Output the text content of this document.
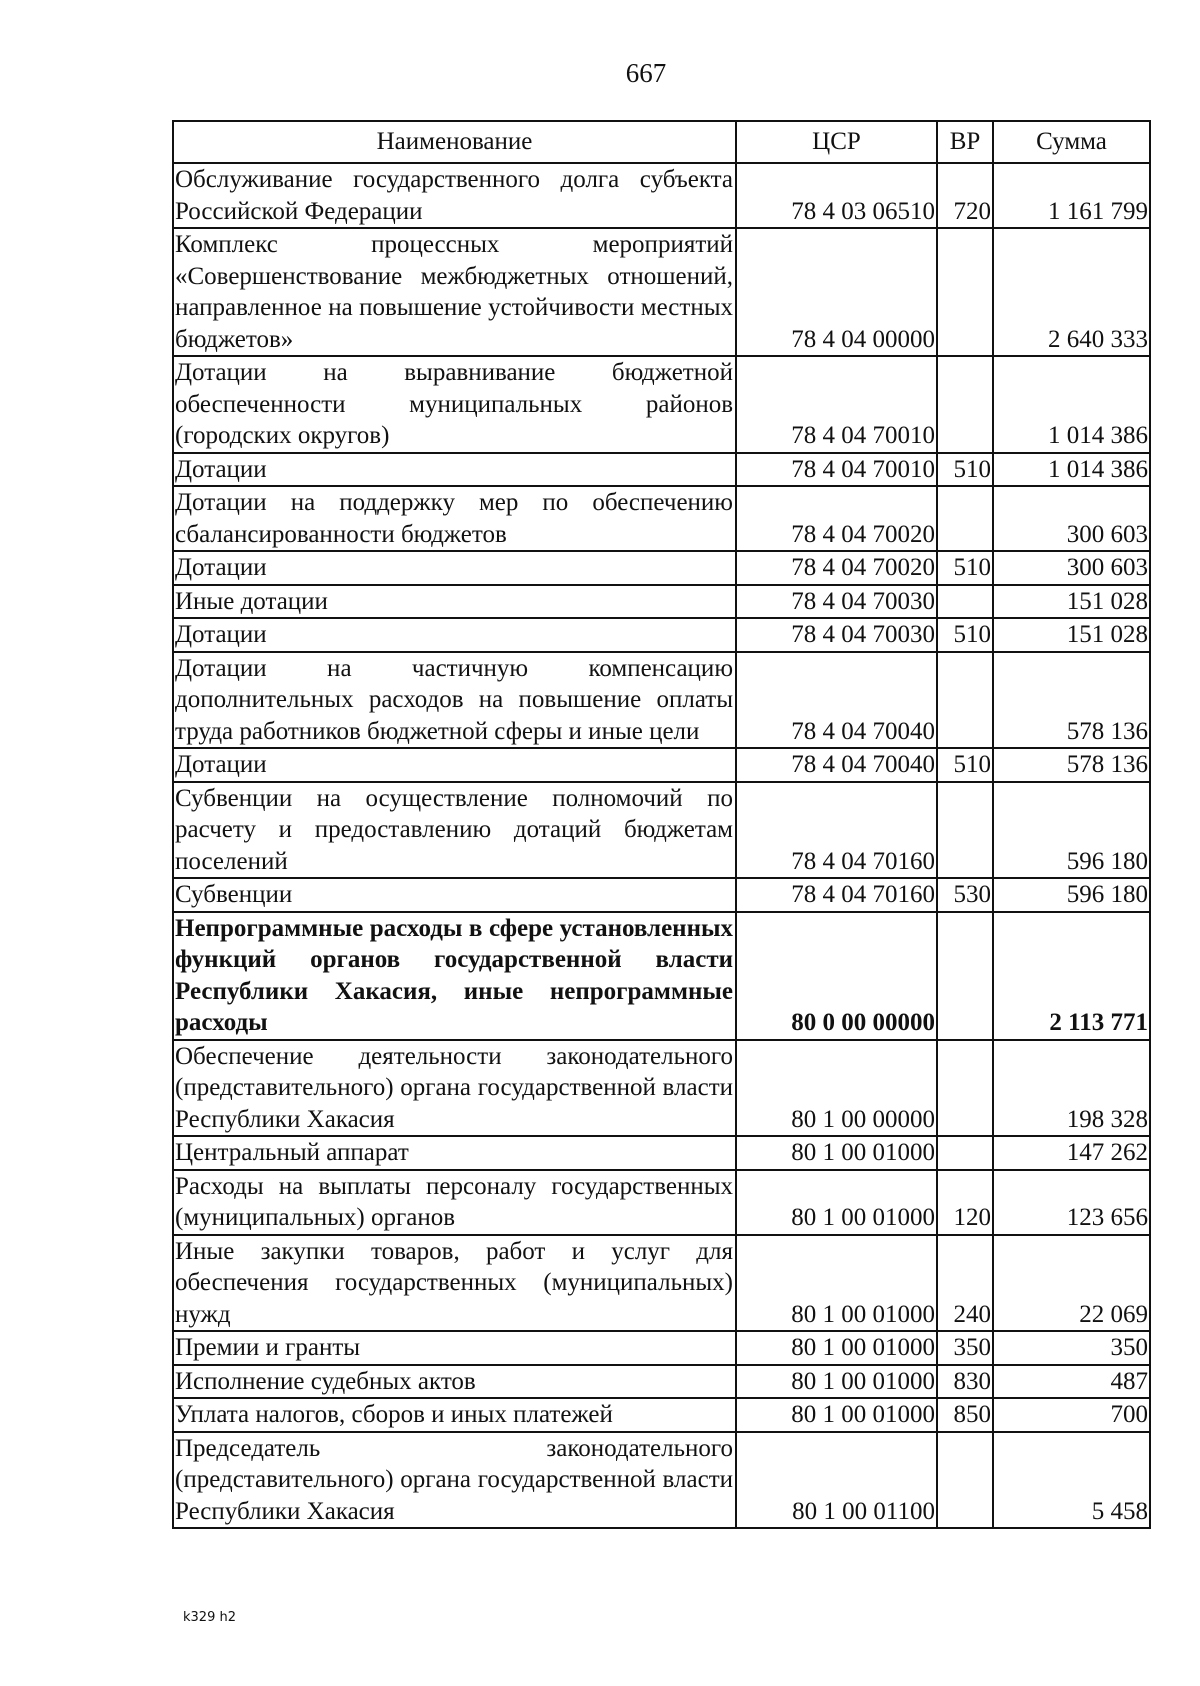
667
Наименование	ЦСР	ВР	Сумма
Обслуживание государственного долга субъекта Российской Федерации	78 4 03 06510	720	1 161 799
Комплекс процессных мероприятий «Совершенствование межбюджетных отношений, направленное на повышение устойчивости местных бюджетов»	78 4 04 00000		2 640 333
Дотации на выравнивание бюджетной обеспеченности муниципальных районов (городских округов)	78 4 04 70010		1 014 386
Дотации	78 4 04 70010	510	1 014 386
Дотации на поддержку мер по обеспечению сбалансированности бюджетов	78 4 04 70020		300 603
Дотации	78 4 04 70020	510	300 603
Иные дотации	78 4 04 70030		151 028
Дотации	78 4 04 70030	510	151 028
Дотации на частичную компенсацию дополнительных расходов на повышение оплаты труда работников бюджетной сферы и иные цели	78 4 04 70040		578 136
Дотации	78 4 04 70040	510	578 136
Субвенции на осуществление полномочий по расчету и предоставлению дотаций бюджетам поселений	78 4 04 70160		596 180
Субвенции	78 4 04 70160	530	596 180
Непрограммные расходы в сфере установленных функций органов государственной власти Республики Хакасия, иные непрограммные расходы	80 0 00 00000		2 113 771
Обеспечение деятельности законодательного (представительного) органа государственной власти Республики Хакасия	80 1 00 00000		198 328
Центральный аппарат	80 1 00 01000		147 262
Расходы на выплаты персоналу государственных (муниципальных) органов	80 1 00 01000	120	123 656
Иные закупки товаров, работ и услуг для обеспечения государственных (муниципальных) нужд	80 1 00 01000	240	22 069
Премии и гранты	80 1 00 01000	350	350
Исполнение судебных актов	80 1 00 01000	830	487
Уплата налогов, сборов и иных платежей	80 1 00 01000	850	700
Председатель законодательного (представительного) органа государственной власти Республики Хакасия	80 1 00 01100		5 458
k329 h2
